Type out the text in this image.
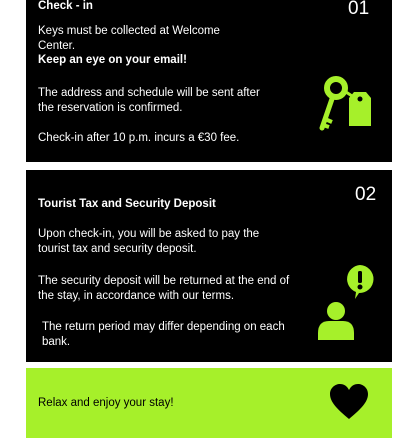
Check - in	01

Keys must be collected at Welcome

Center.

Keep an eye on your email!

The address and schedule will be sent after

the reservation is confirmed.

Check-in after 10 p.m. incurs a €30 fee.
Tourist Tax and Security Deposit	02

Upon check-in, you will be asked to pay the

tourist tax and security deposit.

The security deposit will be returned at the end of

the stay, in accordance with our terms.

The return period may differ depending on each

bank.

Relax and enjoy your stay!
